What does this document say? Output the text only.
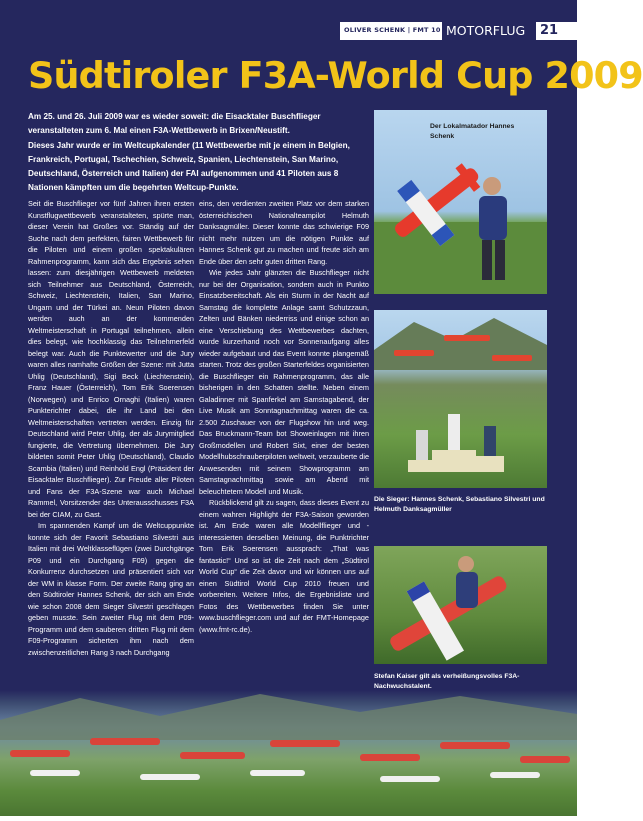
OLIVER SCHENK | FMT 10 | 09
MOTORFLUG 21
Südtiroler F3A-World Cup 2009

Am 25. und 26. Juli 2009 war es wieder soweit: die Eisacktaler Buschflieger veranstalteten zum 6. Mal einen F3A-Wettbewerb in Brixen/Neustift.

Dieses Jahr wurde er im Weltcupkalender (11 Wettbewerbe mit je einem in Belgien, Frankreich, Portugal, Tschechien, Schweiz, Spanien, Liechtenstein, San Marino, Deutschland, Österreich und Italien) der FAI aufgenommen und 41 Piloten aus 8 Nationen kämpften um die begehrten Weltcup-Punkte.

Seit die Buschflieger vor fünf Jahren ihren ersten Kunstflugwettbewerb veranstalteten, spürte man, dieser Verein hat Großes vor. Ständig auf der Suche nach dem perfekten, fairen Wettbewerb für die Piloten und einem großen spektakulären Rahmenprogramm, kann sich das Ergebnis sehen lassen: zum diesjährigen Wettbewerb meldeten sich Teilnehmer aus Deutschland, Österreich, Schweiz, Liechtenstein, Italien, San Marino, Ungarn und der Türkei an. Neun Piloten davon werden auch an der kommenden Weltmeisterschaft in Portugal teilnehmen, allein dies belegt, wie hochklassig das Teilnehmerfeld belegt war. Auch die Punktewerter und die Jury waren alles namhafte Größen der Szene: mit Jutta Uhlig (Deutschland), Sigi Beck (Liechtenstein), Franz Hauer (Österreich), Tom Erik Soerensen (Norwegen) und Enrico Ornaghi (Italien) waren Punkterichter dabei, die ihr Land bei den Weltmeisterschaften vertreten werden. Einzig für Deutschland wird Peter Uhlig, der als Jurymitglied fungierte, die Vertretung übernehmen. Die Jury bildeten somit Peter Uhlig (Deutschland), Claudio Scambia (Italien) und Reinhold Engl (Präsident der Eisacktaler Buschflieger). Zur Freude aller Piloten und Fans der F3A-Szene war auch Michael Rammel, Vorsitzender des Unterausschusses F3A bei der CIAM, zu Gast.

Im spannenden Kampf um die Weltcuppunkte konnte sich der Favorit Sebastiano Silvestri aus Italien mit drei Weltklasseflügen (zwei Durchgänge P09 und ein Durchgang F09) gegen die Konkurrenz durchsetzen und präsentiert sich vor der WM in klasse Form. Der zweite Rang ging an den Südtiroler Hannes Schenk, der sich am Ende wie schon 2008 dem Sieger Silvestri geschlagen geben musste. Sein zweiter Flug mit dem P09-Programm und dem sauberen dritten Flug mit dem F09-Programm sicherten ihm nach dem zwischenzeitlichen Rang 3 nach Durchgang

eins, den verdienten zweiten Platz vor dem starken österreichischen Nationalteampilot Helmuth Danksagmüller. Dieser konnte das schwierige F09 nicht mehr nutzen um die nötigen Punkte auf Hannes Schenk gut zu machen und freute sich am Ende über den sehr guten dritten Rang.

Wie jedes Jahr glänzten die Buschflieger nicht nur bei der Organisation, sondern auch in Punkto Einsatzbereitschaft. Als ein Sturm in der Nacht auf Samstag die komplette Anlage samt Schutzzaun, Zelten und Bänken niederriss und einige schon an eine Verschiebung des Wettbewerbes dachten, wurde kurzerhand noch vor Sonnenaufgang alles wieder aufgebaut und das Event konnte plangemäß starten. Trotz des großen Starterfeldes organisierten die Buschflieger ein Rahmenprogramm, das alle bisherigen in den Schatten stellte. Neben einem Galadinner mit Spanferkel am Samstagabend, der Live Musik am Sonntagnachmittag waren die ca. 2.500 Zuschauer von der Flugshow hin und weg. Das Bruckmann-Team bot Showeinlagen mit ihren Großmodellen und Robert Sixt, einer der besten Modellhubschrauberpiloten weltweit, verzauberte die Anwesenden mit seinem Showprogramm am Samstagnachmittag sowie am Abend mit beleuchtetem Modell und Musik.

Rückblickend gilt zu sagen, dass dieses Event zu einem wahren Highlight der F3A-Saison geworden ist. Am Ende waren alle Modellflieger und -interessierten derselben Meinung, die Punktrichter Tom Erik Soerensen aussprach: „That was fantastic!“ Und so ist die Zeit nach dem „Südtirol World Cup“ die Zeit davor und wir können uns auf einen Südtirol World Cup 2010 freuen und vorbereiten. Weitere Infos, die Ergebnisliste und Fotos des Wettbewerbes finden Sie unter www.buschflieger.com und auf der FMT-Homepage (www.fmt-rc.de).

Der Lokalmatador Hannes Schenk
Die Sieger: Hannes Schenk, Sebastiano Silvestri und Helmuth Danksagmüller
Stefan Kaiser gilt als verheißungsvolles F3A-Nachwuchstalent.
